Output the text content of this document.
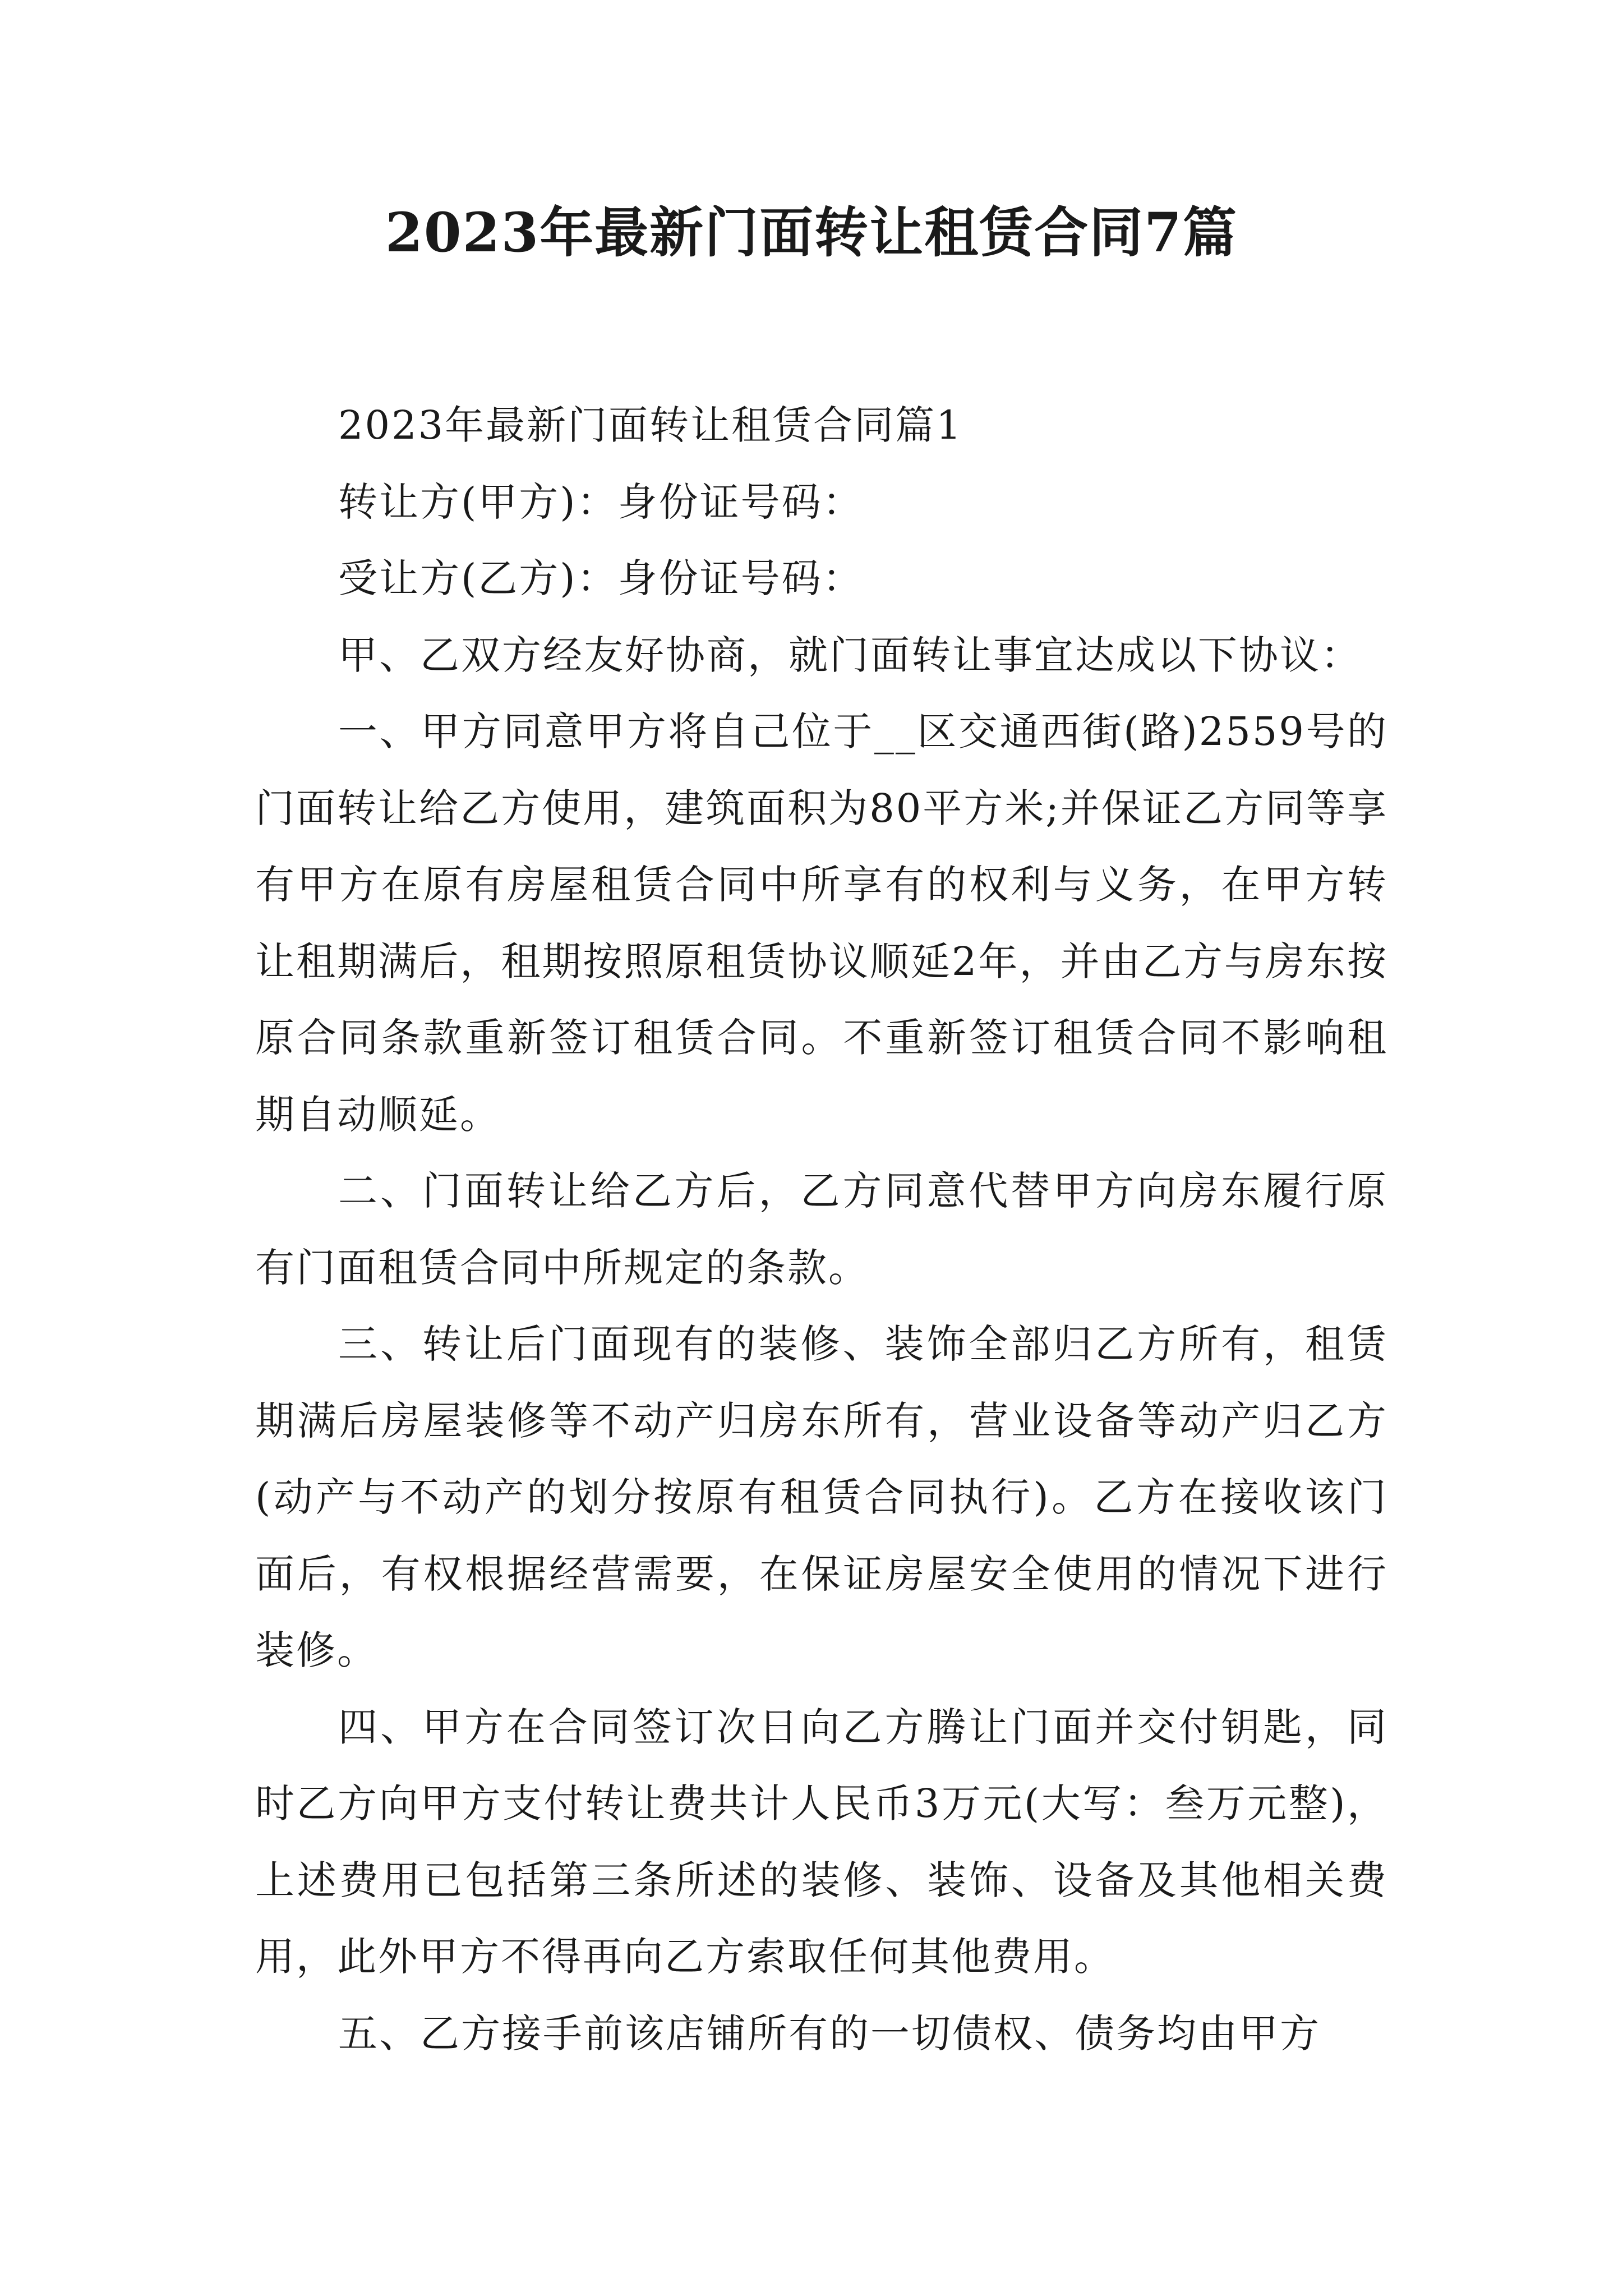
2023年最新门面转让租赁合同7篇

2023年最新门面转让租赁合同篇1

转让方(甲方)：身份证号码：

受让方(乙方)：身份证号码：

甲、乙双方经友好协商，就门面转让事宜达成以下协议：

一、甲方同意甲方将自己位于__区交通西街(路)2559号的门面转让给乙方使用，建筑面积为80平方米;并保证乙方同等享有甲方在原有房屋租赁合同中所享有的权利与义务，在甲方转让租期满后，租期按照原租赁协议顺延2年，并由乙方与房东按原合同条款重新签订租赁合同。不重新签订租赁合同不影响租期自动顺延。

二、门面转让给乙方后，乙方同意代替甲方向房东履行原有门面租赁合同中所规定的条款。

三、转让后门面现有的装修、装饰全部归乙方所有，租赁期满后房屋装修等不动产归房东所有，营业设备等动产归乙方(动产与不动产的划分按原有租赁合同执行)。乙方在接收该门面后，有权根据经营需要，在保证房屋安全使用的情况下进行装修。

四、甲方在合同签订次日向乙方腾让门面并交付钥匙，同时乙方向甲方支付转让费共计人民币3万元(大写：叁万元整)，上述费用已包括第三条所述的装修、装饰、设备及其他相关费用，此外甲方不得再向乙方索取任何其他费用。

五、乙方接手前该店铺所有的一切债权、债务均由甲方
